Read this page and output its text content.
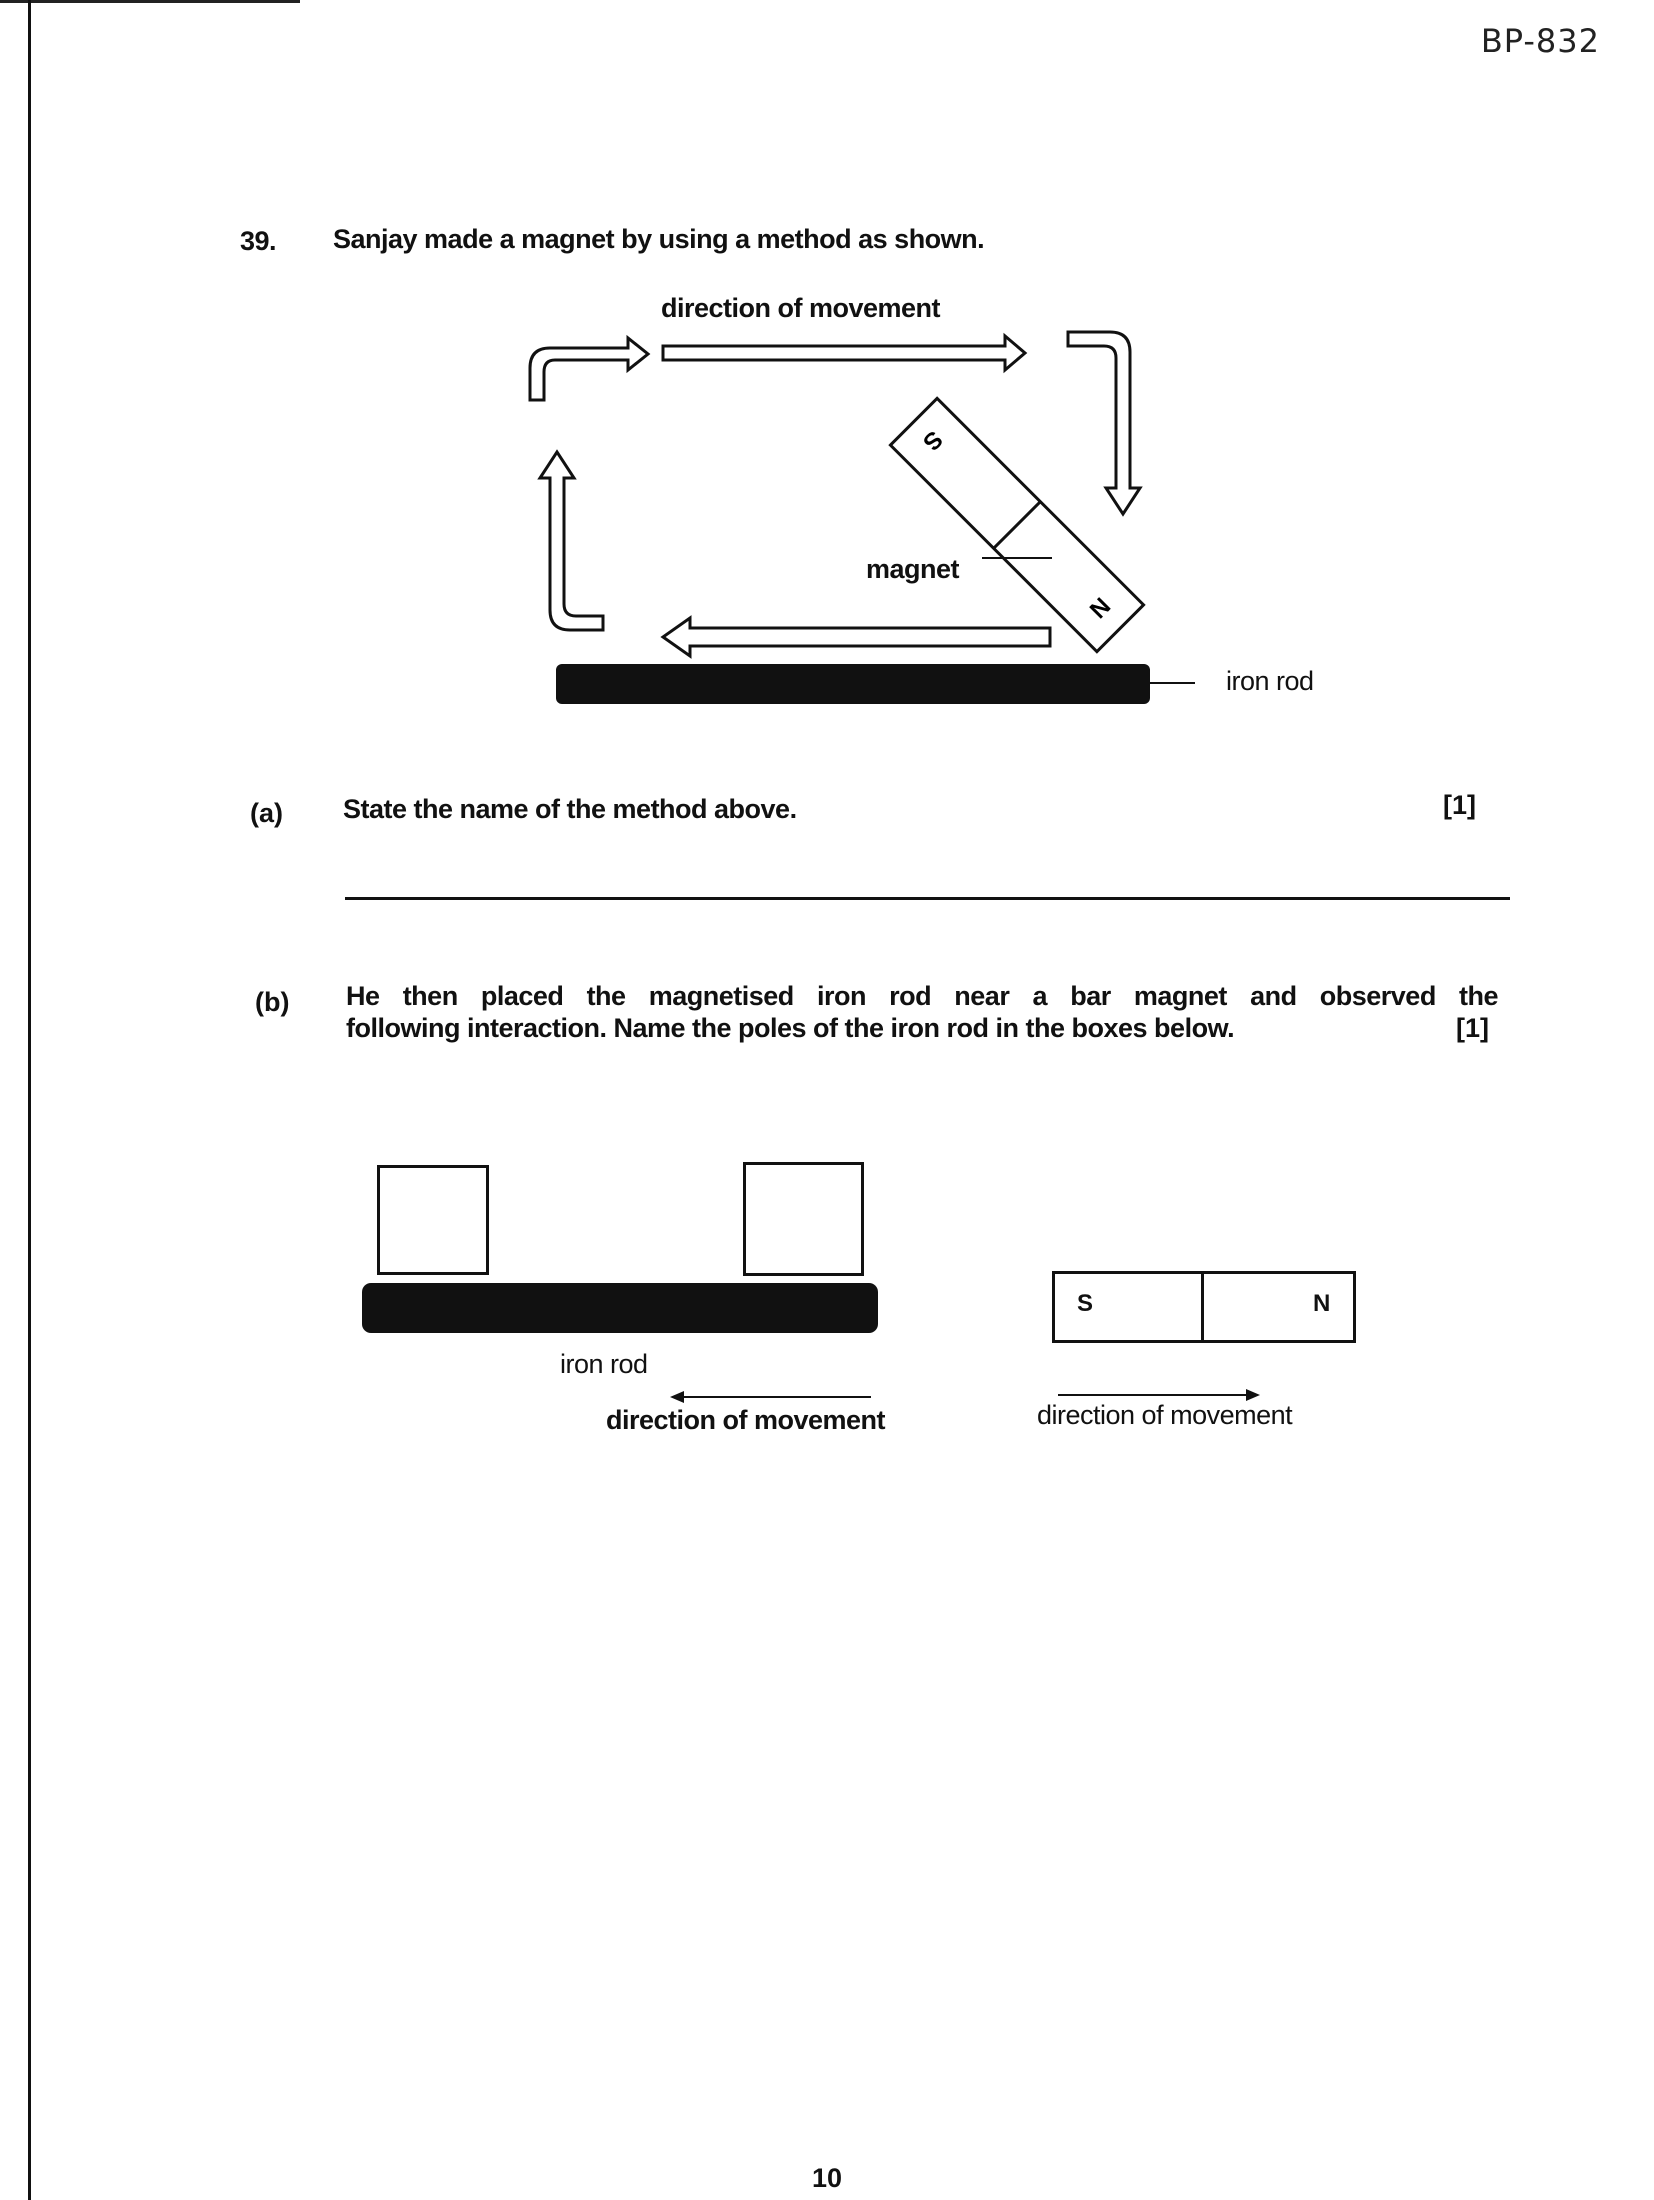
BP-832
39. Sanjay made a magnet by using a method as shown.
S
N
direction of movement
magnet
iron rod
(a) State the name of the method above.	[1]
(b) He then placed the magnetised iron rod near a bar magnet and observed the
following interaction. Name the poles of the iron rod in the boxes below.	[1]
S	N
iron rod
direction of movement	direction of movement
10
